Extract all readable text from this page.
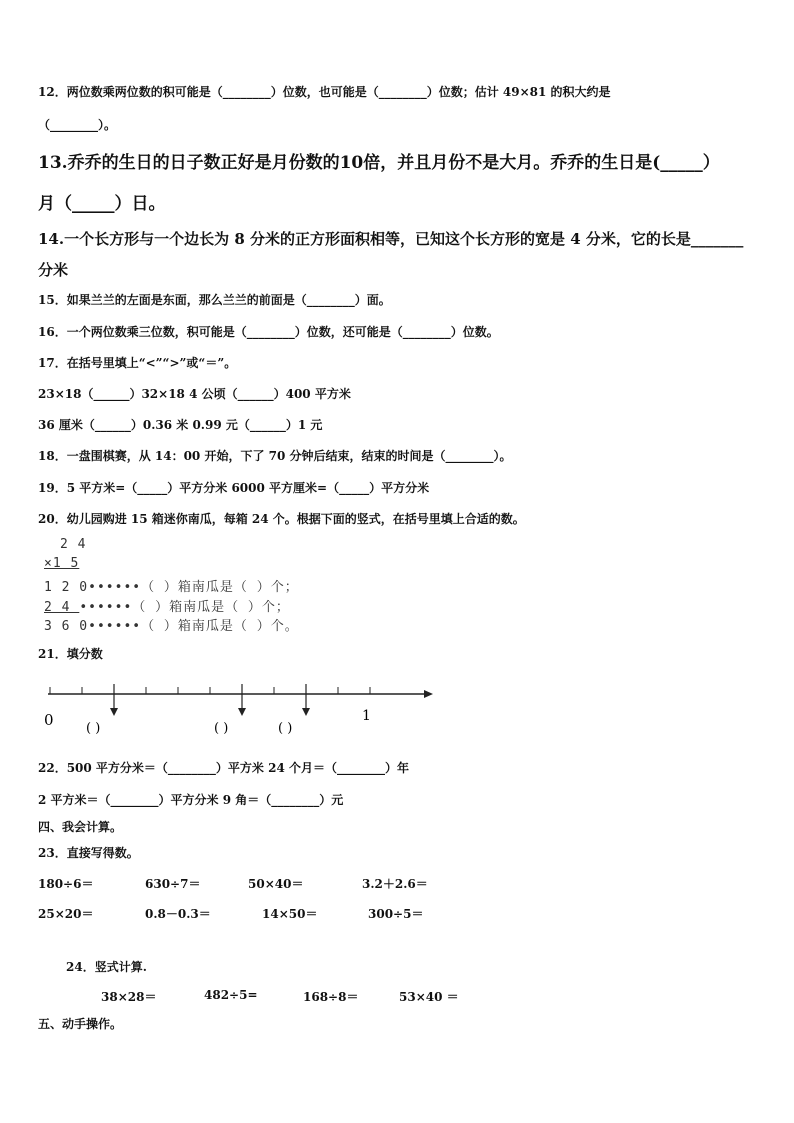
12．两位数乘两位数的积可能是（________）位数，也可能是（________）位数；估计 49×81 的积大约是
（________）。
13.乔乔的生日的日子数正好是月份数的10倍，并且月份不是大月。乔乔的生日是(_____）
月（_____）日。
14.一个长方形与一个边长为 8 分米的正方形面积相等，已知这个长方形的宽是 4 分米，它的长是_______
分米
15．如果兰兰的左面是东面，那么兰兰的前面是（________）面。
16．一个两位数乘三位数，积可能是（________）位数，还可能是（________）位数。
17．在括号里填上“<”“>”或“＝”。
23×18（______）32×18 4 公顷（______）400 平方米
36 厘米（______）0.36 米 0.99 元（______）1 元
18．一盘围棋赛，从 14：00 开始，下了 70 分钟后结束，结束的时间是（________）。
19．5 平方米=（_____）平方分米 6000 平方厘米=（_____）平方分米
20．幼儿园购进 15 箱迷你南瓜，每箱 24 个。根据下面的竖式，在括号里填上合适的数。
2 4
×1 5
1 2 0••••••（ ）箱南瓜是（ ）个；
2 4 ••••••（ ）箱南瓜是（ ）个；
3 6 0••••••（ ）箱南瓜是（ ）个。
21．填分数
0	1
( )	( )	( )
22．500 平方分米＝（________）平方米 24 个月＝（________）年
2 平方米＝（________）平方分米 9 角＝（________）元
四、我会计算。
23．直接写得数。
180÷6＝	630÷7＝	50×40＝	3.2＋2.6＝
25×20＝	0.8－0.3＝	14×50＝	300÷5＝
24．竖式计算.
38×28＝	482÷5=	168÷8＝	53×40 ＝
五、动手操作。
